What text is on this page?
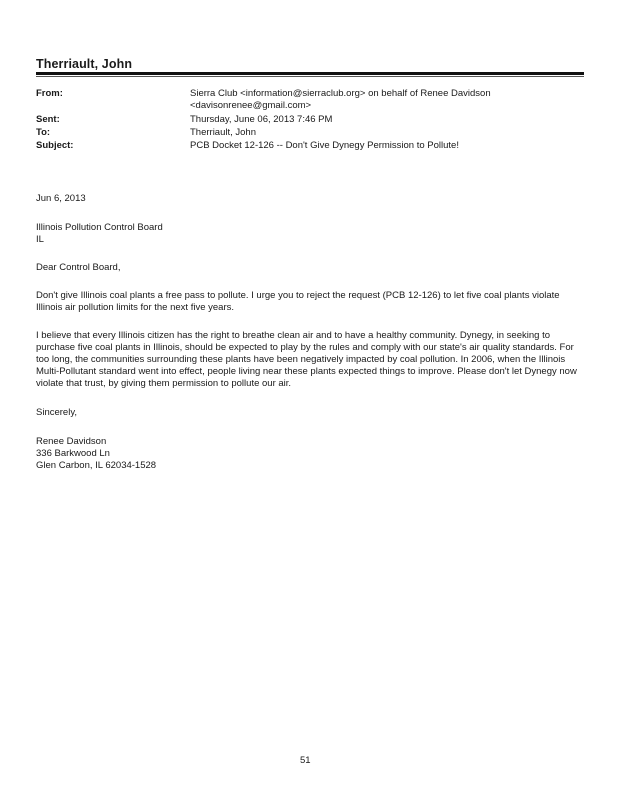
Therriault, John
From:	Sierra Club <information@sierraclub.org> on behalf of Renee Davidson
<davisonrenee@gmail.com>
Sent:	Thursday, June 06, 2013 7:46 PM
To:	Therriault, John
Subject:	PCB Docket 12-126 -- Don't Give Dynegy Permission to Pollute!
Jun 6, 2013
Illinois Pollution Control Board
IL
Dear Control Board,
Don't give Illinois coal plants a free pass to pollute. I urge you to reject the request (PCB 12-126) to let five coal plants violate Illinois air pollution limits for the next five years.
I believe that every Illinois citizen has the right to breathe clean air and to have a healthy community. Dynegy, in seeking to purchase five coal plants in Illinois, should be expected to play by the rules and comply with our state's air quality standards. For too long, the communities surrounding these plants have been negatively impacted by coal pollution. In 2006, when the Illinois Multi-Pollutant standard went into effect, people living near these plants expected things to improve. Please don't let Dynegy now violate that trust, by giving them permission to pollute our air.
Sincerely,
Renee Davidson
336 Barkwood Ln
Glen Carbon, IL 62034-1528
51
